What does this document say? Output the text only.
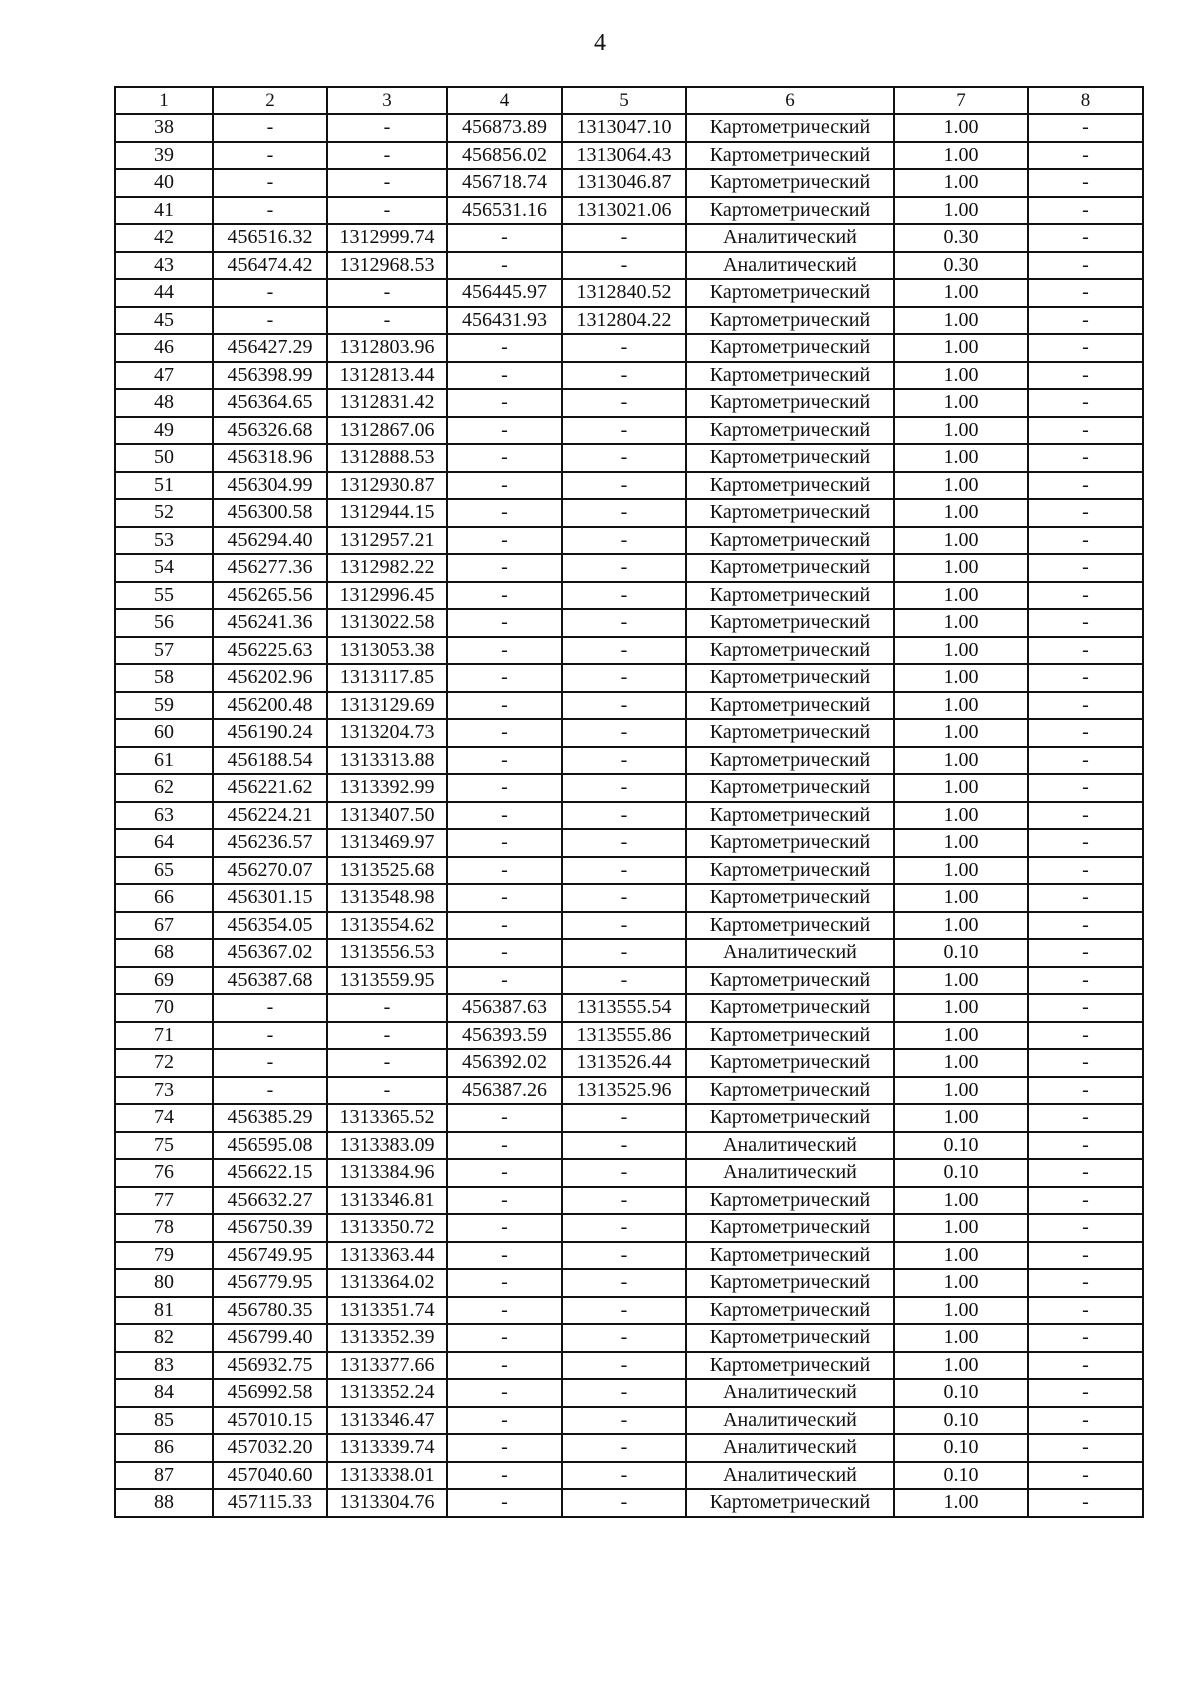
4
1	2	3	4	5	6	7	8
38	-	-	456873.89	1313047.10	Картометрический	1.00	-
39	-	-	456856.02	1313064.43	Картометрический	1.00	-
40	-	-	456718.74	1313046.87	Картометрический	1.00	-
41	-	-	456531.16	1313021.06	Картометрический	1.00	-
42	456516.32	1312999.74	-	-	Аналитический	0.30	-
43	456474.42	1312968.53	-	-	Аналитический	0.30	-
44	-	-	456445.97	1312840.52	Картометрический	1.00	-
45	-	-	456431.93	1312804.22	Картометрический	1.00	-
46	456427.29	1312803.96	-	-	Картометрический	1.00	-
47	456398.99	1312813.44	-	-	Картометрический	1.00	-
48	456364.65	1312831.42	-	-	Картометрический	1.00	-
49	456326.68	1312867.06	-	-	Картометрический	1.00	-
50	456318.96	1312888.53	-	-	Картометрический	1.00	-
51	456304.99	1312930.87	-	-	Картометрический	1.00	-
52	456300.58	1312944.15	-	-	Картометрический	1.00	-
53	456294.40	1312957.21	-	-	Картометрический	1.00	-
54	456277.36	1312982.22	-	-	Картометрический	1.00	-
55	456265.56	1312996.45	-	-	Картометрический	1.00	-
56	456241.36	1313022.58	-	-	Картометрический	1.00	-
57	456225.63	1313053.38	-	-	Картометрический	1.00	-
58	456202.96	1313117.85	-	-	Картометрический	1.00	-
59	456200.48	1313129.69	-	-	Картометрический	1.00	-
60	456190.24	1313204.73	-	-	Картометрический	1.00	-
61	456188.54	1313313.88	-	-	Картометрический	1.00	-
62	456221.62	1313392.99	-	-	Картометрический	1.00	-
63	456224.21	1313407.50	-	-	Картометрический	1.00	-
64	456236.57	1313469.97	-	-	Картометрический	1.00	-
65	456270.07	1313525.68	-	-	Картометрический	1.00	-
66	456301.15	1313548.98	-	-	Картометрический	1.00	-
67	456354.05	1313554.62	-	-	Картометрический	1.00	-
68	456367.02	1313556.53	-	-	Аналитический	0.10	-
69	456387.68	1313559.95	-	-	Картометрический	1.00	-
70	-	-	456387.63	1313555.54	Картометрический	1.00	-
71	-	-	456393.59	1313555.86	Картометрический	1.00	-
72	-	-	456392.02	1313526.44	Картометрический	1.00	-
73	-	-	456387.26	1313525.96	Картометрический	1.00	-
74	456385.29	1313365.52	-	-	Картометрический	1.00	-
75	456595.08	1313383.09	-	-	Аналитический	0.10	-
76	456622.15	1313384.96	-	-	Аналитический	0.10	-
77	456632.27	1313346.81	-	-	Картометрический	1.00	-
78	456750.39	1313350.72	-	-	Картометрический	1.00	-
79	456749.95	1313363.44	-	-	Картометрический	1.00	-
80	456779.95	1313364.02	-	-	Картометрический	1.00	-
81	456780.35	1313351.74	-	-	Картометрический	1.00	-
82	456799.40	1313352.39	-	-	Картометрический	1.00	-
83	456932.75	1313377.66	-	-	Картометрический	1.00	-
84	456992.58	1313352.24	-	-	Аналитический	0.10	-
85	457010.15	1313346.47	-	-	Аналитический	0.10	-
86	457032.20	1313339.74	-	-	Аналитический	0.10	-
87	457040.60	1313338.01	-	-	Аналитический	0.10	-
88	457115.33	1313304.76	-	-	Картометрический	1.00	-
